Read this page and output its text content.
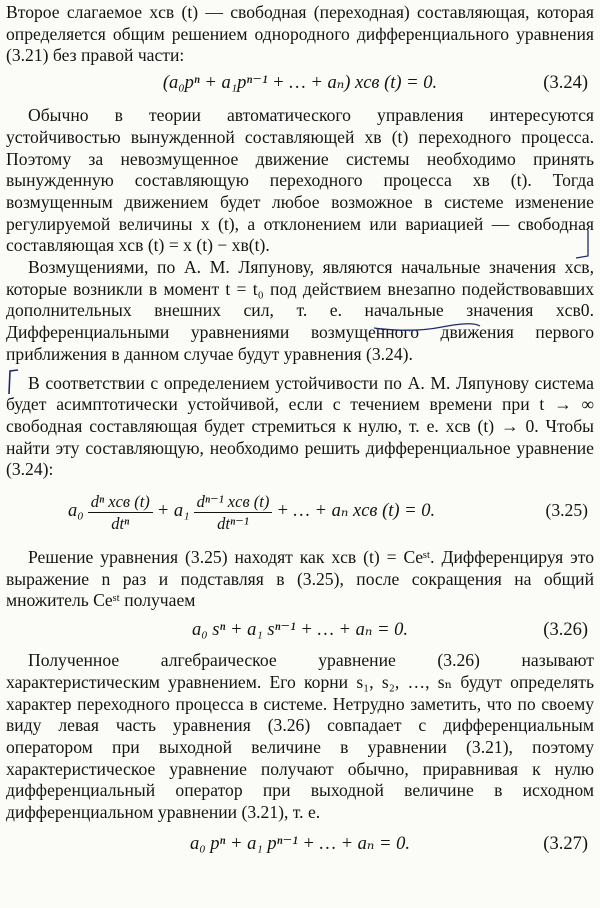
Второе слагаемое xсв (t) — свободная (переходная) составляющая, которая определяется общим решением однородного дифференциального уравнения (3.21) без правой части:

(a₀pⁿ + a₁pⁿ⁻¹ + … + aₙ) xсв (t) = 0.	(3.24)

Обычно в теории автоматического управления интересуются устойчивостью вынужденной составляющей xв (t) переходного процесса. Поэтому за невозмущенное движение системы необходимо принять вынужденную составляющую переходного процесса xв (t). Тогда возмущенным движением будет любое возможное в системе изменение регулируемой величины x (t), а отклонением или вариацией — свободная составляющая xсв (t) = x (t) − xв(t).

Возмущениями, по А. М. Ляпунову, являются начальные значения xсв, которые возникли в момент t = t₀ под действием внезапно подействовавших дополнительных внешних сил, т. е. начальные значения xсв0. Дифференциальными уравнениями возмущенного движения первого приближения в данном случае будут уравнения (3.24).

В соответствии с определением устойчивости по А. М. Ляпунову система будет асимптотически устойчивой, если с течением времени при t → ∞ свободная составляющая будет стремиться к нулю, т. е. xсв (t) → 0. Чтобы найти эту составляющую, необходимо решить дифференциальное уравнение (3.24):

$a_0 \frac{\text{dⁿ xсв (t)}}{\text{dtⁿ}} + a_1 \frac{\text{dⁿ⁻¹ xсв (t)}}{\text{dtⁿ⁻¹}}$ + … + aₙ xсв (t) = 0.	(3.25)

Решение уравнения (3.25) находят как xсв (t) = Ceˢᵗ. Дифференцируя это выражение n раз и подставляя в (3.25), после сокращения на общий множитель Ceˢᵗ получаем

a₀ sⁿ + a₁ sⁿ⁻¹ + … + aₙ = 0.	(3.26)

Полученное алгебраическое уравнение (3.26) называют характеристическим уравнением. Его корни s₁, s₂, …, sₙ будут определять характер переходного процесса в системе. Нетрудно заметить, что по своему виду левая часть уравнения (3.26) совпадает с дифференциальным оператором при выходной величине в уравнении (3.21), поэтому характеристическое уравнение получают обычно, приравнивая к нулю дифференциальный оператор при выходной величине в исходном дифференциальном уравнении (3.21), т. е.

a₀ pⁿ + a₁ pⁿ⁻¹ + … + aₙ = 0.	(3.27)
